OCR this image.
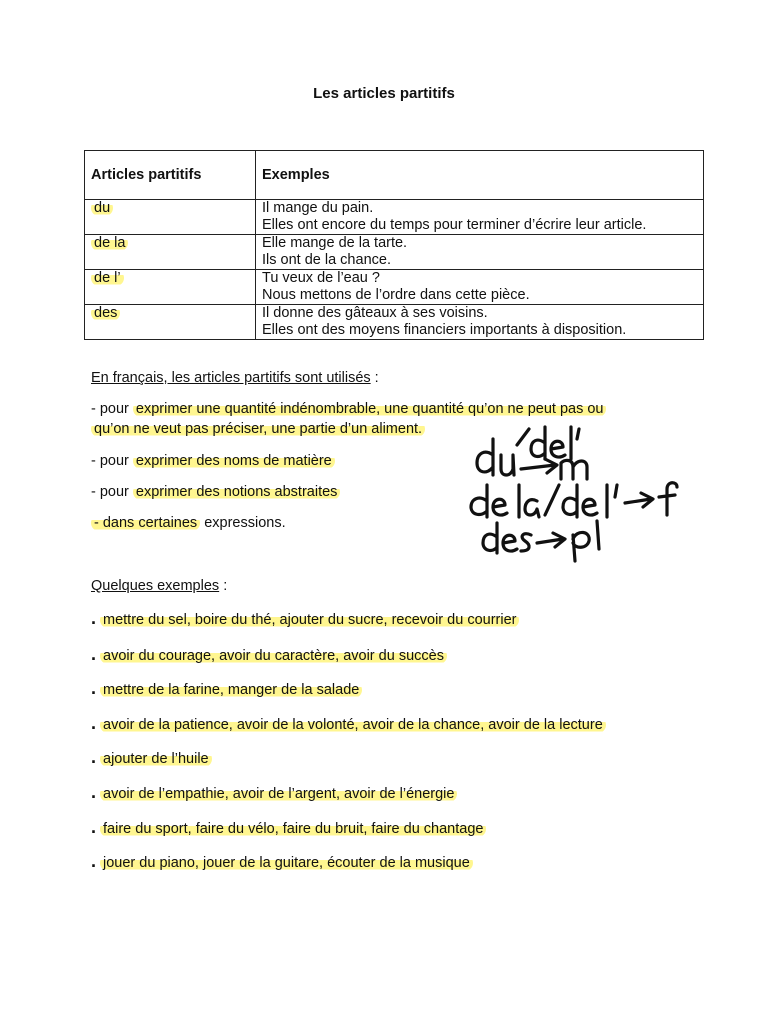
Les articles partitifs
Articles partitifs	Exemples
du	Il mange du pain.
Elles ont encore du temps pour terminer d’écrire leur article.

de la	Elle mange de la tarte.
Ils ont de la chance.

de l’	Tu veux de l’eau ?
Nous mettons de l’ordre dans cette pièce.

des	Il donne des gâteaux à ses voisins.
Elles ont des moyens financiers importants à disposition.
En français, les articles partitifs sont utilisés :
- pour exprimer une quantité indénombrable, une quantité qu’on ne peut pas ou
qu’on ne veut pas préciser, une partie d’un aliment.
- pour exprimer des noms de matière
- pour exprimer des notions abstraites
- dans certaines expressions.
Quelques exemples :
. mettre du sel, boire du thé, ajouter du sucre, recevoir du courrier
. avoir du courage, avoir du caractère, avoir du succès
. mettre de la farine, manger de la salade
. avoir de la patience, avoir de la volonté, avoir de la chance, avoir de la lecture
. ajouter de l’huile
. avoir de l’empathie, avoir de l’argent, avoir de l’énergie
. faire du sport, faire du vélo, faire du bruit, faire du chantage
. jouer du piano, jouer de la guitare, écouter de la musique
